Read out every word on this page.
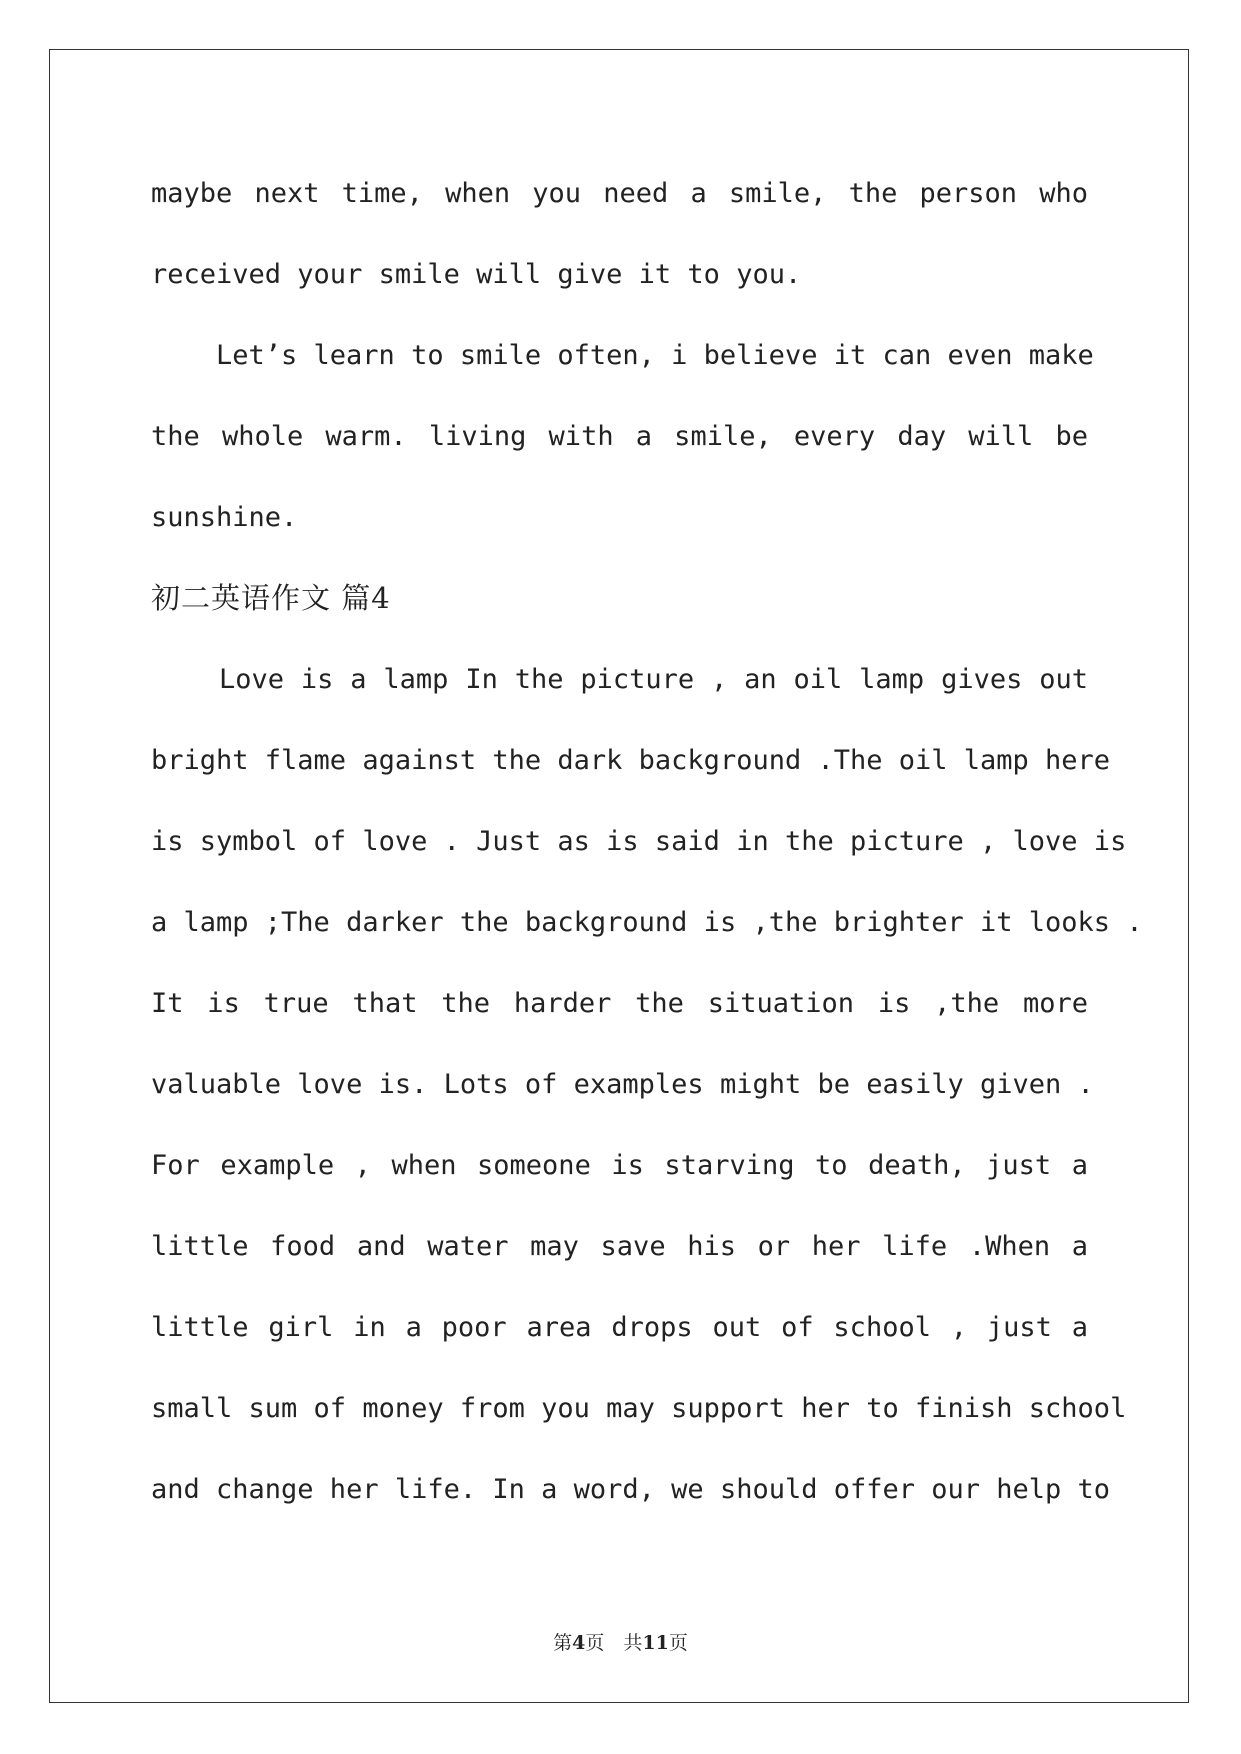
maybe next time, when you need a smile, the person who
received your smile will give it to you.
Let’s learn to smile often, i believe it can even make
the whole warm. living with a smile, every day will be
sunshine.
初二英语作文 篇4
Love is a lamp In the picture , an oil lamp gives out
bright flame against the dark background .The oil lamp here
is symbol of love . Just as is said in the picture , love is
a lamp ;The darker the background is ,the brighter it looks .
It is true that the harder the situation is ,the more
valuable love is. Lots of examples might be easily given .
For example , when someone is starving to death, just a
little food and water may save his or her life .When a
little girl in a poor area drops out of school , just a
small sum of money from you may support her to finish school
and change her life. In a word, we should offer our help to
第4页　共11页
